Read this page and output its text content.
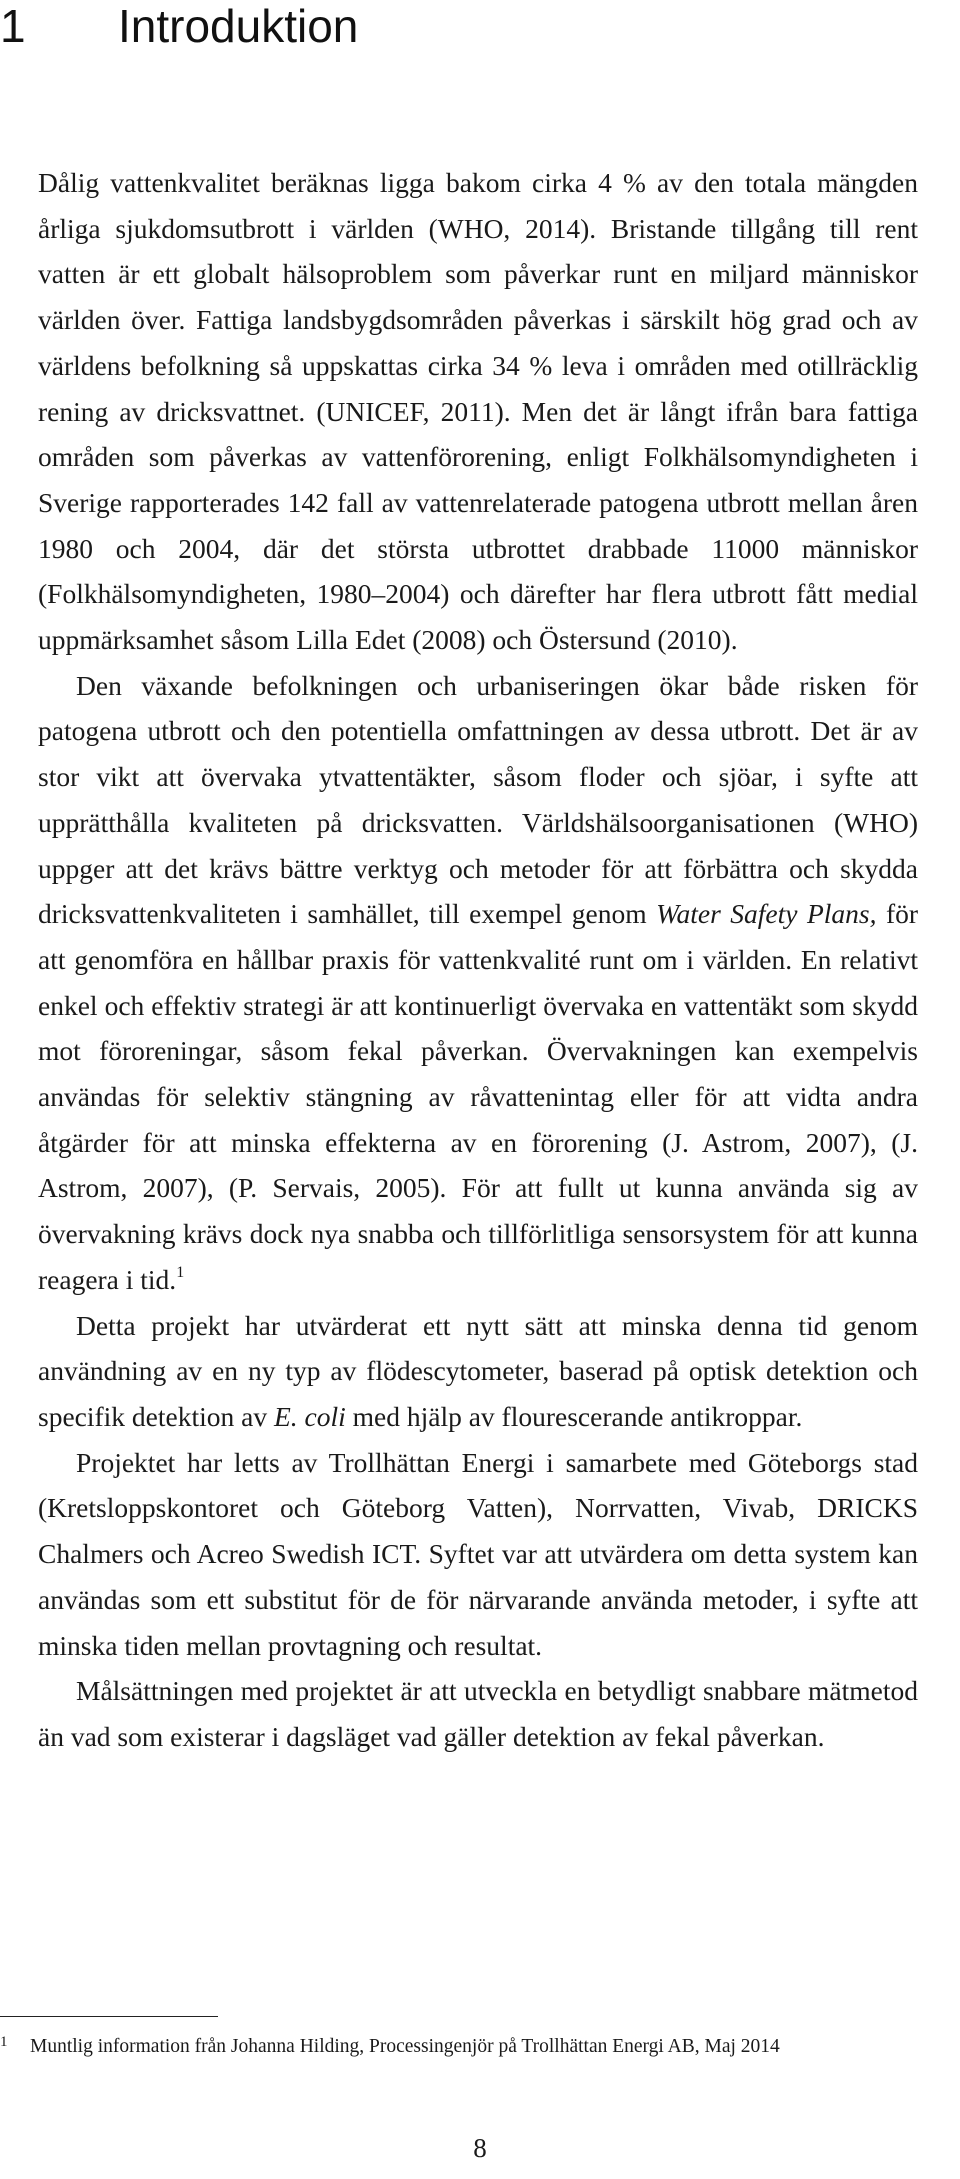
1 Introduktion

Dålig vattenkvalitet beräknas ligga bakom cirka 4 % av den totala mängden årliga sjukdomsutbrott i världen (WHO, 2014). Bristande tillgång till rent vatten är ett globalt hälsoproblem som påverkar runt en miljard människor världen över. Fattiga landsbygdsområden påverkas i särskilt hög grad och av världens befolkning så uppskattas cirka 34 % leva i områden med otillräcklig rening av dricksvattnet. (UNICEF, 2011). Men det är långt ifrån bara fattiga områden som påverkas av vattenförorening, enligt Folkhälsomyndigheten i Sverige rapporterades 142 fall av vattenrelaterade patogena utbrott mellan åren 1980 och 2004, där det största utbrottet drabbade 11000 människor (Folkhälsomyndigheten, 1980–2004) och därefter har flera utbrott fått medial uppmärksamhet såsom Lilla Edet (2008) och Östersund (2010).

Den växande befolkningen och urbaniseringen ökar både risken för patogena utbrott och den potentiella omfattningen av dessa utbrott. Det är av stor vikt att övervaka ytvattentäkter, såsom floder och sjöar, i syfte att upprätthålla kvaliteten på dricksvatten. Världshälsoorganisationen (WHO) uppger att det krävs bättre verktyg och metoder för att förbättra och skydda dricksvattenkvaliteten i samhället, till exempel genom Water Safety Plans, för att genomföra en hållbar praxis för vattenkvalité runt om i världen. En relativt enkel och effektiv strategi är att kontinuerligt övervaka en vattentäkt som skydd mot föroreningar, såsom fekal påverkan. Övervakningen kan exempelvis användas för selektiv stängning av råvattenintag eller för att vidta andra åtgärder för att minska effekterna av en förorening (J. Astrom, 2007), (J. Astrom, 2007), (P. Servais, 2005). För att fullt ut kunna använda sig av övervakning krävs dock nya snabba och tillförlitliga sensorsystem för att kunna reagera i tid.$^1$

Detta projekt har utvärderat ett nytt sätt att minska denna tid genom användning av en ny typ av flödescytometer, baserad på optisk detektion och specifik detektion av E. coli med hjälp av flourescerande antikroppar.

Projektet har letts av Trollhättan Energi i samarbete med Göteborgs stad (Kretsloppskontoret och Göteborg Vatten), Norrvatten, Vivab, DRICKS Chalmers och Acreo Swedish ICT. Syftet var att utvärdera om detta system kan användas som ett substitut för de för närvarande använda metoder, i syfte att minska tiden mellan provtagning och resultat.

Målsättningen med projektet är att utveckla en betydligt snabbare mätmetod än vad som existerar i dagsläget vad gäller detektion av fekal påverkan.

1 Muntlig information från Johanna Hilding, Processingenjör på Trollhättan Energi AB, Maj 2014
8
